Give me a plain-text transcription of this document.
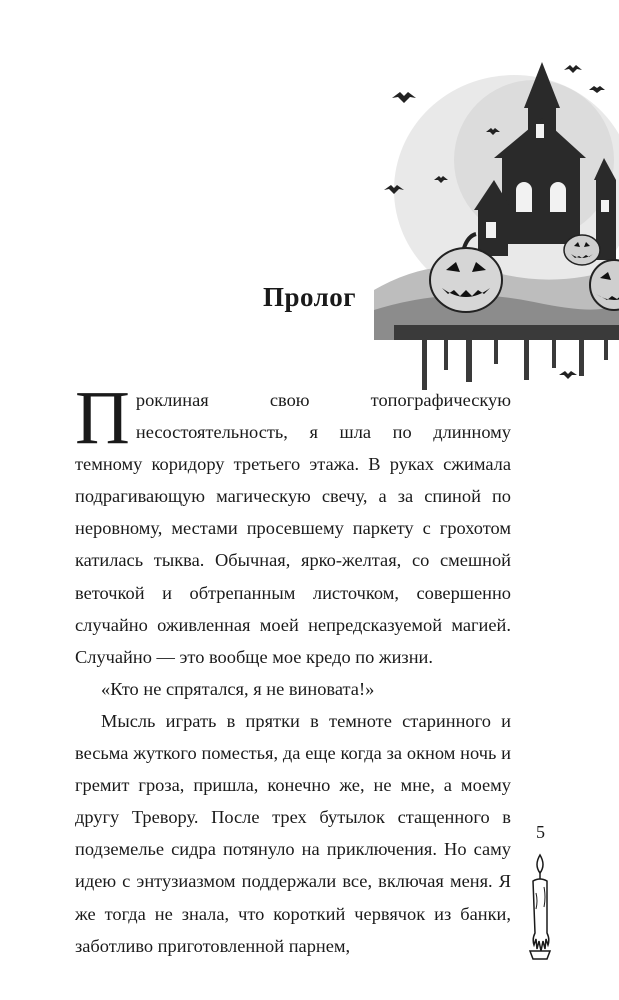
Пролог

Проклиная свою топографическую несостоятельность, я шла по длинному темному коридору третьего этажа. В руках сжимала подрагивающую магическую свечу, а за спиной по неровному, местами просевшему паркету с грохотом катилась тыква. Обычная, ярко-желтая, со смешной веточкой и обтрепанным листочком, совершенно случайно оживленная моей непредсказуемой магией. Случайно — это вообще мое кредо по жизни.

«Кто не спрятался, я не виновата!»

Мысль играть в прятки в темноте старинного и весьма жуткого поместья, да еще когда за окном ночь и гремит гроза, пришла, конечно же, не мне, а моему другу Тревору. После трех бутылок стащенного в подземелье сидра потянуло на приключения. Но саму идею с энтузиазмом поддержали все, включая меня. Я же тогда не знала, что короткий червячок из банки, заботливо приготовленной парнем,

5
